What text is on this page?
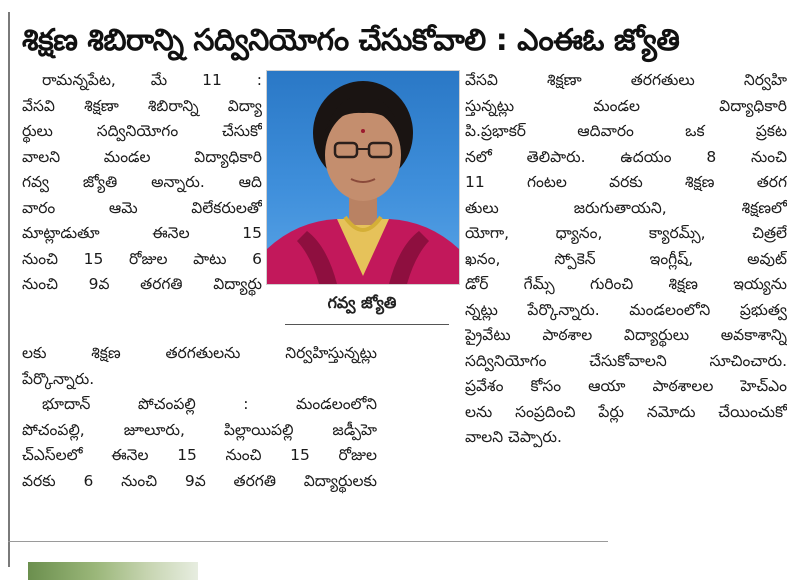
శిక్షణ శిబిరాన్ని సద్వినియోగం చేసుకోవాలి : ఎంఈఓ జ్యోతి
రామన్నపేట, మే 11 :
వేసవి శిక్షణా శిబిరాన్ని విద్యా
ర్థులు సద్వినియోగం చేసుకో
వాలని మండల విద్యాధికారి
గవ్వ జ్యోతి అన్నారు. ఆది
వారం ఆమె విలేకరులతో
మాట్లాడుతూ ఈనెల 15
నుంచి 15 రోజుల పాటు 6
నుంచి 9వ తరగతి విద్యార్థు
గవ్వ జ్యోతి
లకు శిక్షణ తరగతులను నిర్వహిస్తున్నట్లు
పేర్కొన్నారు.
భూదాన్ పోచంపల్లి : మండలంలోని
పోచంపల్లి, జూలూరు, పిల్లాయిపల్లి జడ్పీహె
చ్ఎస్‌లలో ఈనెల 15 నుంచి 15 రోజుల
వరకు 6 నుంచి 9వ తరగతి విద్యార్థులకు
వేసవి శిక్షణా తరగతులు నిర్వహి
స్తున్నట్లు మండల విద్యాధికారి
పి.ప్రభాకర్ ఆదివారం ఒక ప్రకట
నలో తెలిపారు. ఉదయం 8 నుంచి
11 గంటల వరకు శిక్షణ తరగ
తులు జరుగుతాయని, శిక్షణలో
యోగా, ధ్యానం, క్యారమ్స్, చిత్రలే
ఖనం, స్పోకెన్ ఇంగ్లీష్, అవుట్
డోర్ గేమ్స్ గురించి శిక్షణ ఇయ్యను
న్నట్లు పేర్కొన్నారు. మండలంలోని ప్రభుత్వ
ప్రైవేటు పాఠశాల విద్యార్థులు అవకాశాన్ని
సద్వినియోగం చేసుకోవాలని సూచించారు.
ప్రవేశం కోసం ఆయా పాఠశాలల హెచ్ఎం
లను సంప్రదించి పేర్లు నమోదు చేయించుకో
వాలని చెప్పారు.
